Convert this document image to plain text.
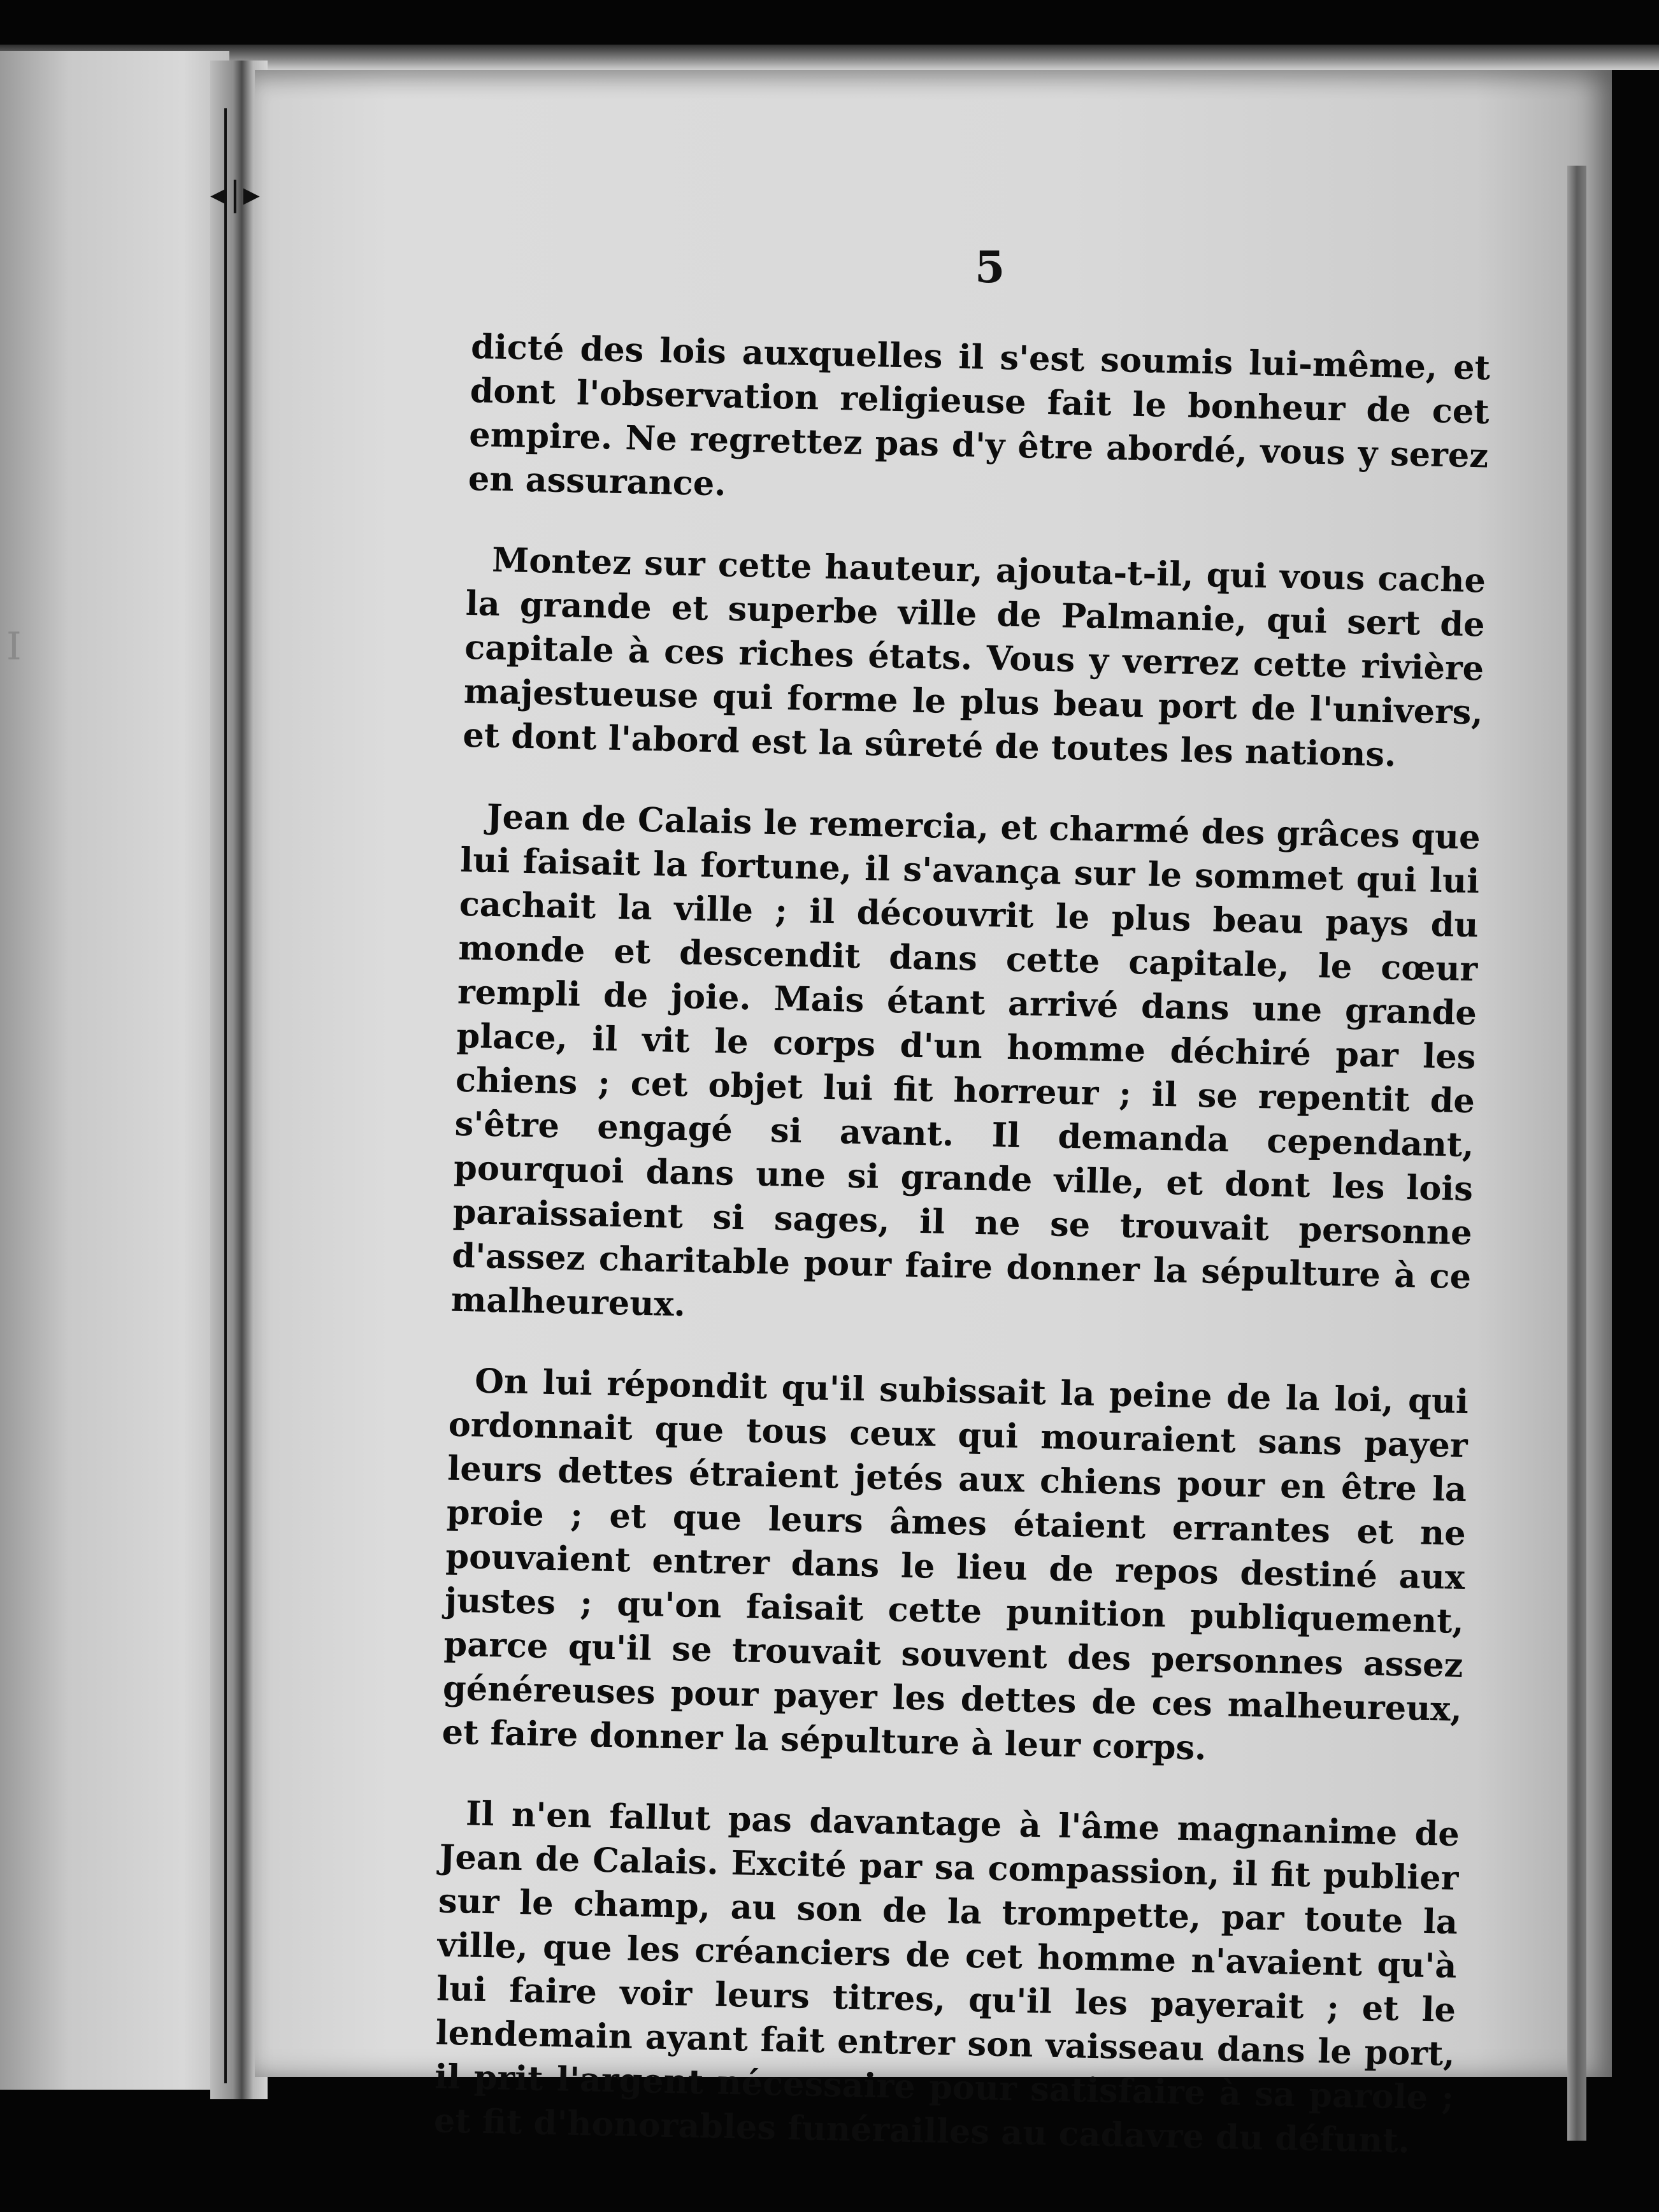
I
◂|▸
5

dicté des lois auxquelles il s'est soumis lui-même, et dont l'observation religieuse fait le bonheur de cet empire. Ne regrettez pas d'y être abordé, vous y serez en assurance.

Montez sur cette hauteur, ajouta-t-il, qui vous cache la grande et superbe ville de Palmanie, qui sert de capitale à ces riches états. Vous y verrez cette rivière majestueuse qui forme le plus beau port de l'univers, et dont l'abord est la sûreté de toutes les nations.

Jean de Calais le remercia, et charmé des grâces que lui faisait la fortune, il s'avança sur le sommet qui lui cachait la ville ; il découvrit le plus beau pays du monde et descendit dans cette capitale, le cœur rempli de joie. Mais étant arrivé dans une grande place, il vit le corps d'un homme déchiré par les chiens ; cet objet lui fit horreur ; il se repentit de s'être engagé si avant. Il demanda cependant, pourquoi dans une si grande ville, et dont les lois paraissaient si sages, il ne se trouvait personne d'assez charitable pour faire donner la sépulture à ce malheureux.

On lui répondit qu'il subissait la peine de la loi, qui ordonnait que tous ceux qui mouraient sans payer leurs dettes étraient jetés aux chiens pour en être la proie ; et que leurs âmes étaient errantes et ne pouvaient entrer dans le lieu de repos destiné aux justes ; qu'on faisait cette punition publiquement, parce qu'il se trouvait souvent des personnes assez généreuses pour payer les dettes de ces malheureux, et faire donner la sépulture à leur corps.

Il n'en fallut pas davantage à l'âme magnanime de Jean de Calais. Excité par sa compassion, il fit publier sur le champ, au son de la trompette, par toute la ville, que les créanciers de cet homme n'avaient qu'à lui faire voir leurs titres, qu'il les payerait ; et le lendemain ayant fait entrer son vaisseau dans le port, il prit l'argent nécessaire pour satisfaire à sa parole ; et fit d'honorables funérailles au cadavre du défunt.
